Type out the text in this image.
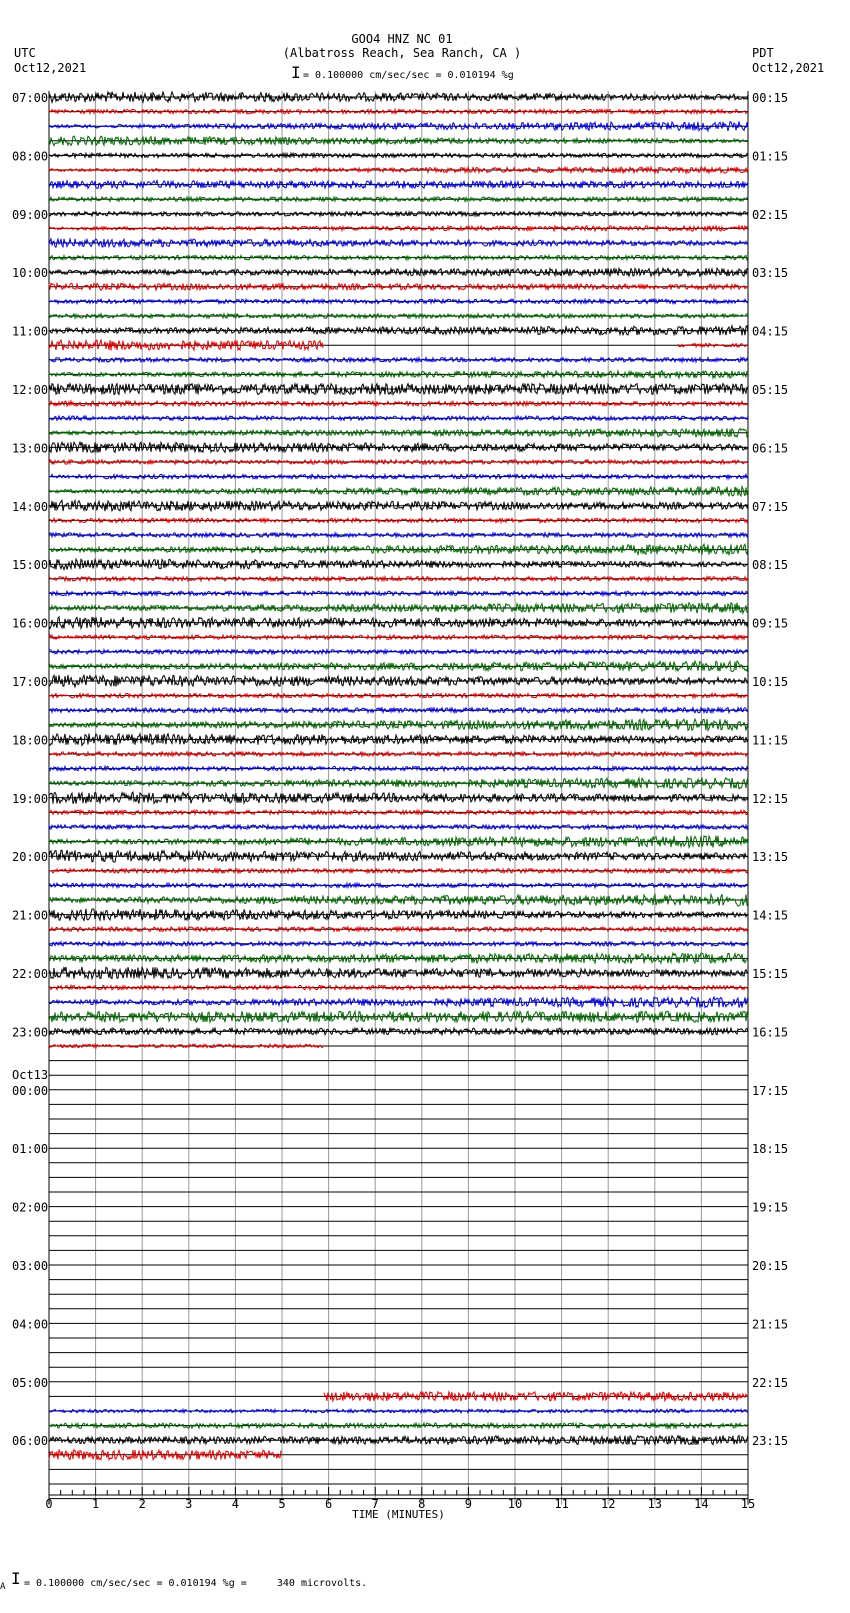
GOO4 HNZ NC 01
(Albatross Reach, Sea Ranch, CA )
UTC
Oct12,2021
PDT
Oct12,2021
I = 0.100000 cm/sec/sec = 0.010194 %g
07:00
08:00
09:00
10:00
11:00
12:00
13:00
14:00
15:00
16:00
17:00
18:00
19:00
20:00
21:00
22:00
23:00
Oct13
00:00
01:00
02:00
03:00
04:00
05:00
06:00
00:15
01:15
02:15
03:15
04:15
05:15
06:15
07:15
08:15
09:15
10:15
11:15
12:15
13:15
14:15
15:15
16:15
17:15
18:15
19:15
20:15
21:15
22:15
23:15
0	1	2	3	4	5	6	7	8	9	10	11	12	13	14	15
TIME (MINUTES)
A I = 0.100000 cm/sec/sec = 0.010194 %g =     340 microvolts.
